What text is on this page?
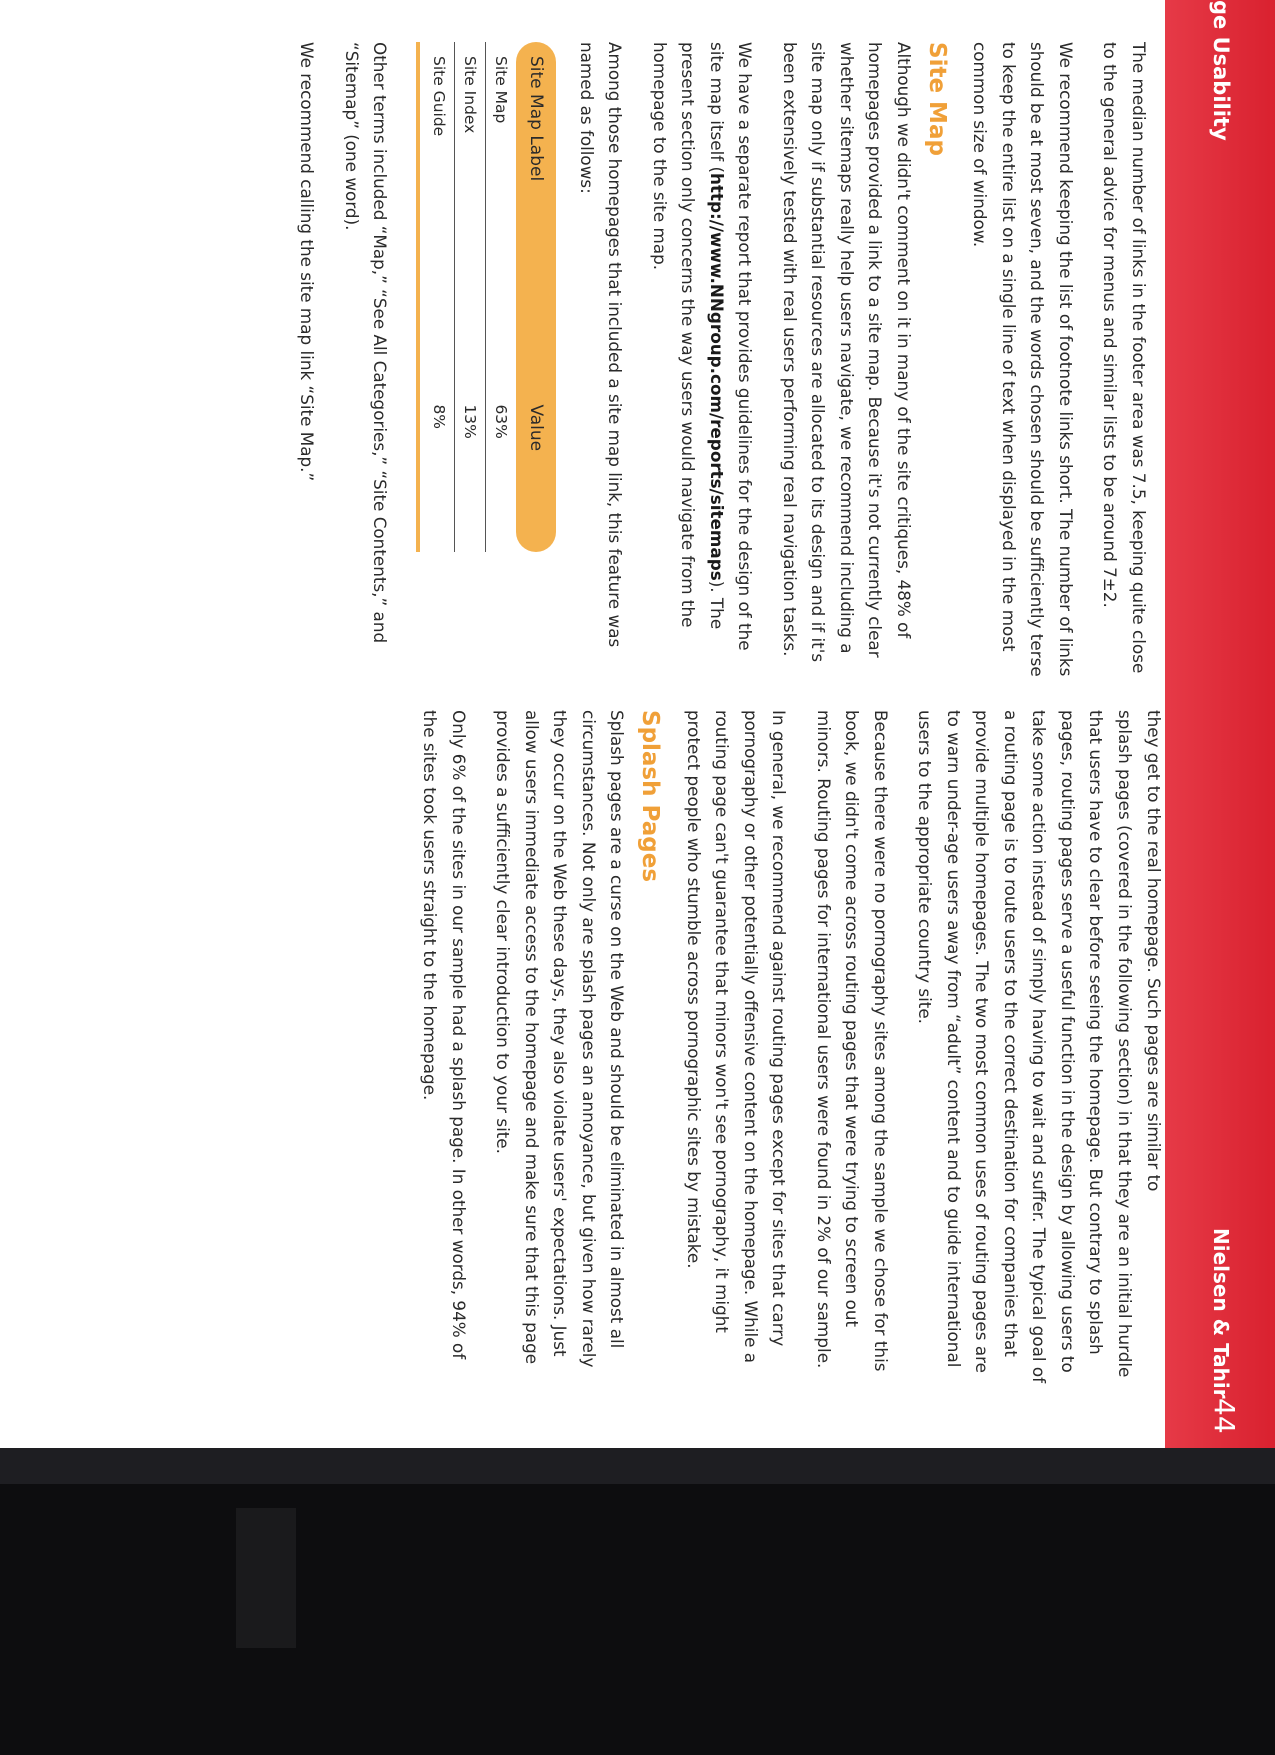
ge Usability
Nielsen & Tahir
44

The median number of links in the footer area was 7.5, keeping quite close to the general advice for menus and similar lists to be around 7±2.

We recommend keeping the list of footnote links short. The number of links should be at most seven, and the words chosen should be sufficiently terse to keep the entire list on a single line of text when displayed in the most common size of window.

Site Map

Although we didn't comment on it in many of the site critiques, 48% of homepages provided a link to a site map. Because it's not currently clear whether sitemaps really help users navigate, we recommend including a site map only if substantial resources are allocated to its design and if it's been extensively tested with real users performing real navigation tasks.

We have a separate report that provides guidelines for the design of the site map itself (http://www.NNgroup.com/reports/sitemaps). The present section only concerns the way users would navigate from the homepage to the site map.

Among those homepages that included a site map link, this feature was named as follows:

Site Map Label	Value
Site Map	63%
Site Index	13%
Site Guide	8%

Other terms included “Map,” “See All Categories,” “Site Contents,” and “Sitemap” (one word).

We recommend calling the site map link “Site Map.”

they get to the real homepage. Such pages are similar to

splash pages (covered in the following section) in that they are an initial hurdle that users have to clear before seeing the homepage. But contrary to splash pages, routing pages serve a useful function in the design by allowing users to take some action instead of simply having to wait and suffer. The typical goal of a routing page is to route users to the correct destination for companies that provide multiple homepages. The two most common uses of routing pages are to warn under-age users away from “adult” content and to guide international users to the appropriate country site.

Because there were no pornography sites among the sample we chose for this book, we didn't come across routing pages that were trying to screen out minors. Routing pages for international users were found in 2% of our sample.

In general, we recommend against routing pages except for sites that carry pornography or other potentially offensive content on the homepage. While a routing page can't guarantee that minors won't see pornography, it might protect people who stumble across pornographic sites by mistake.

Splash Pages

Splash pages are a curse on the Web and should be eliminated in almost all circumstances. Not only are splash pages an annoyance, but given how rarely they occur on the Web these days, they also violate users' expectations. Just allow users immediate access to the homepage and make sure that this page provides a sufficiently clear introduction to your site.

Only 6% of the sites in our sample had a splash page. In other words, 94% of the sites took users straight to the homepage.
